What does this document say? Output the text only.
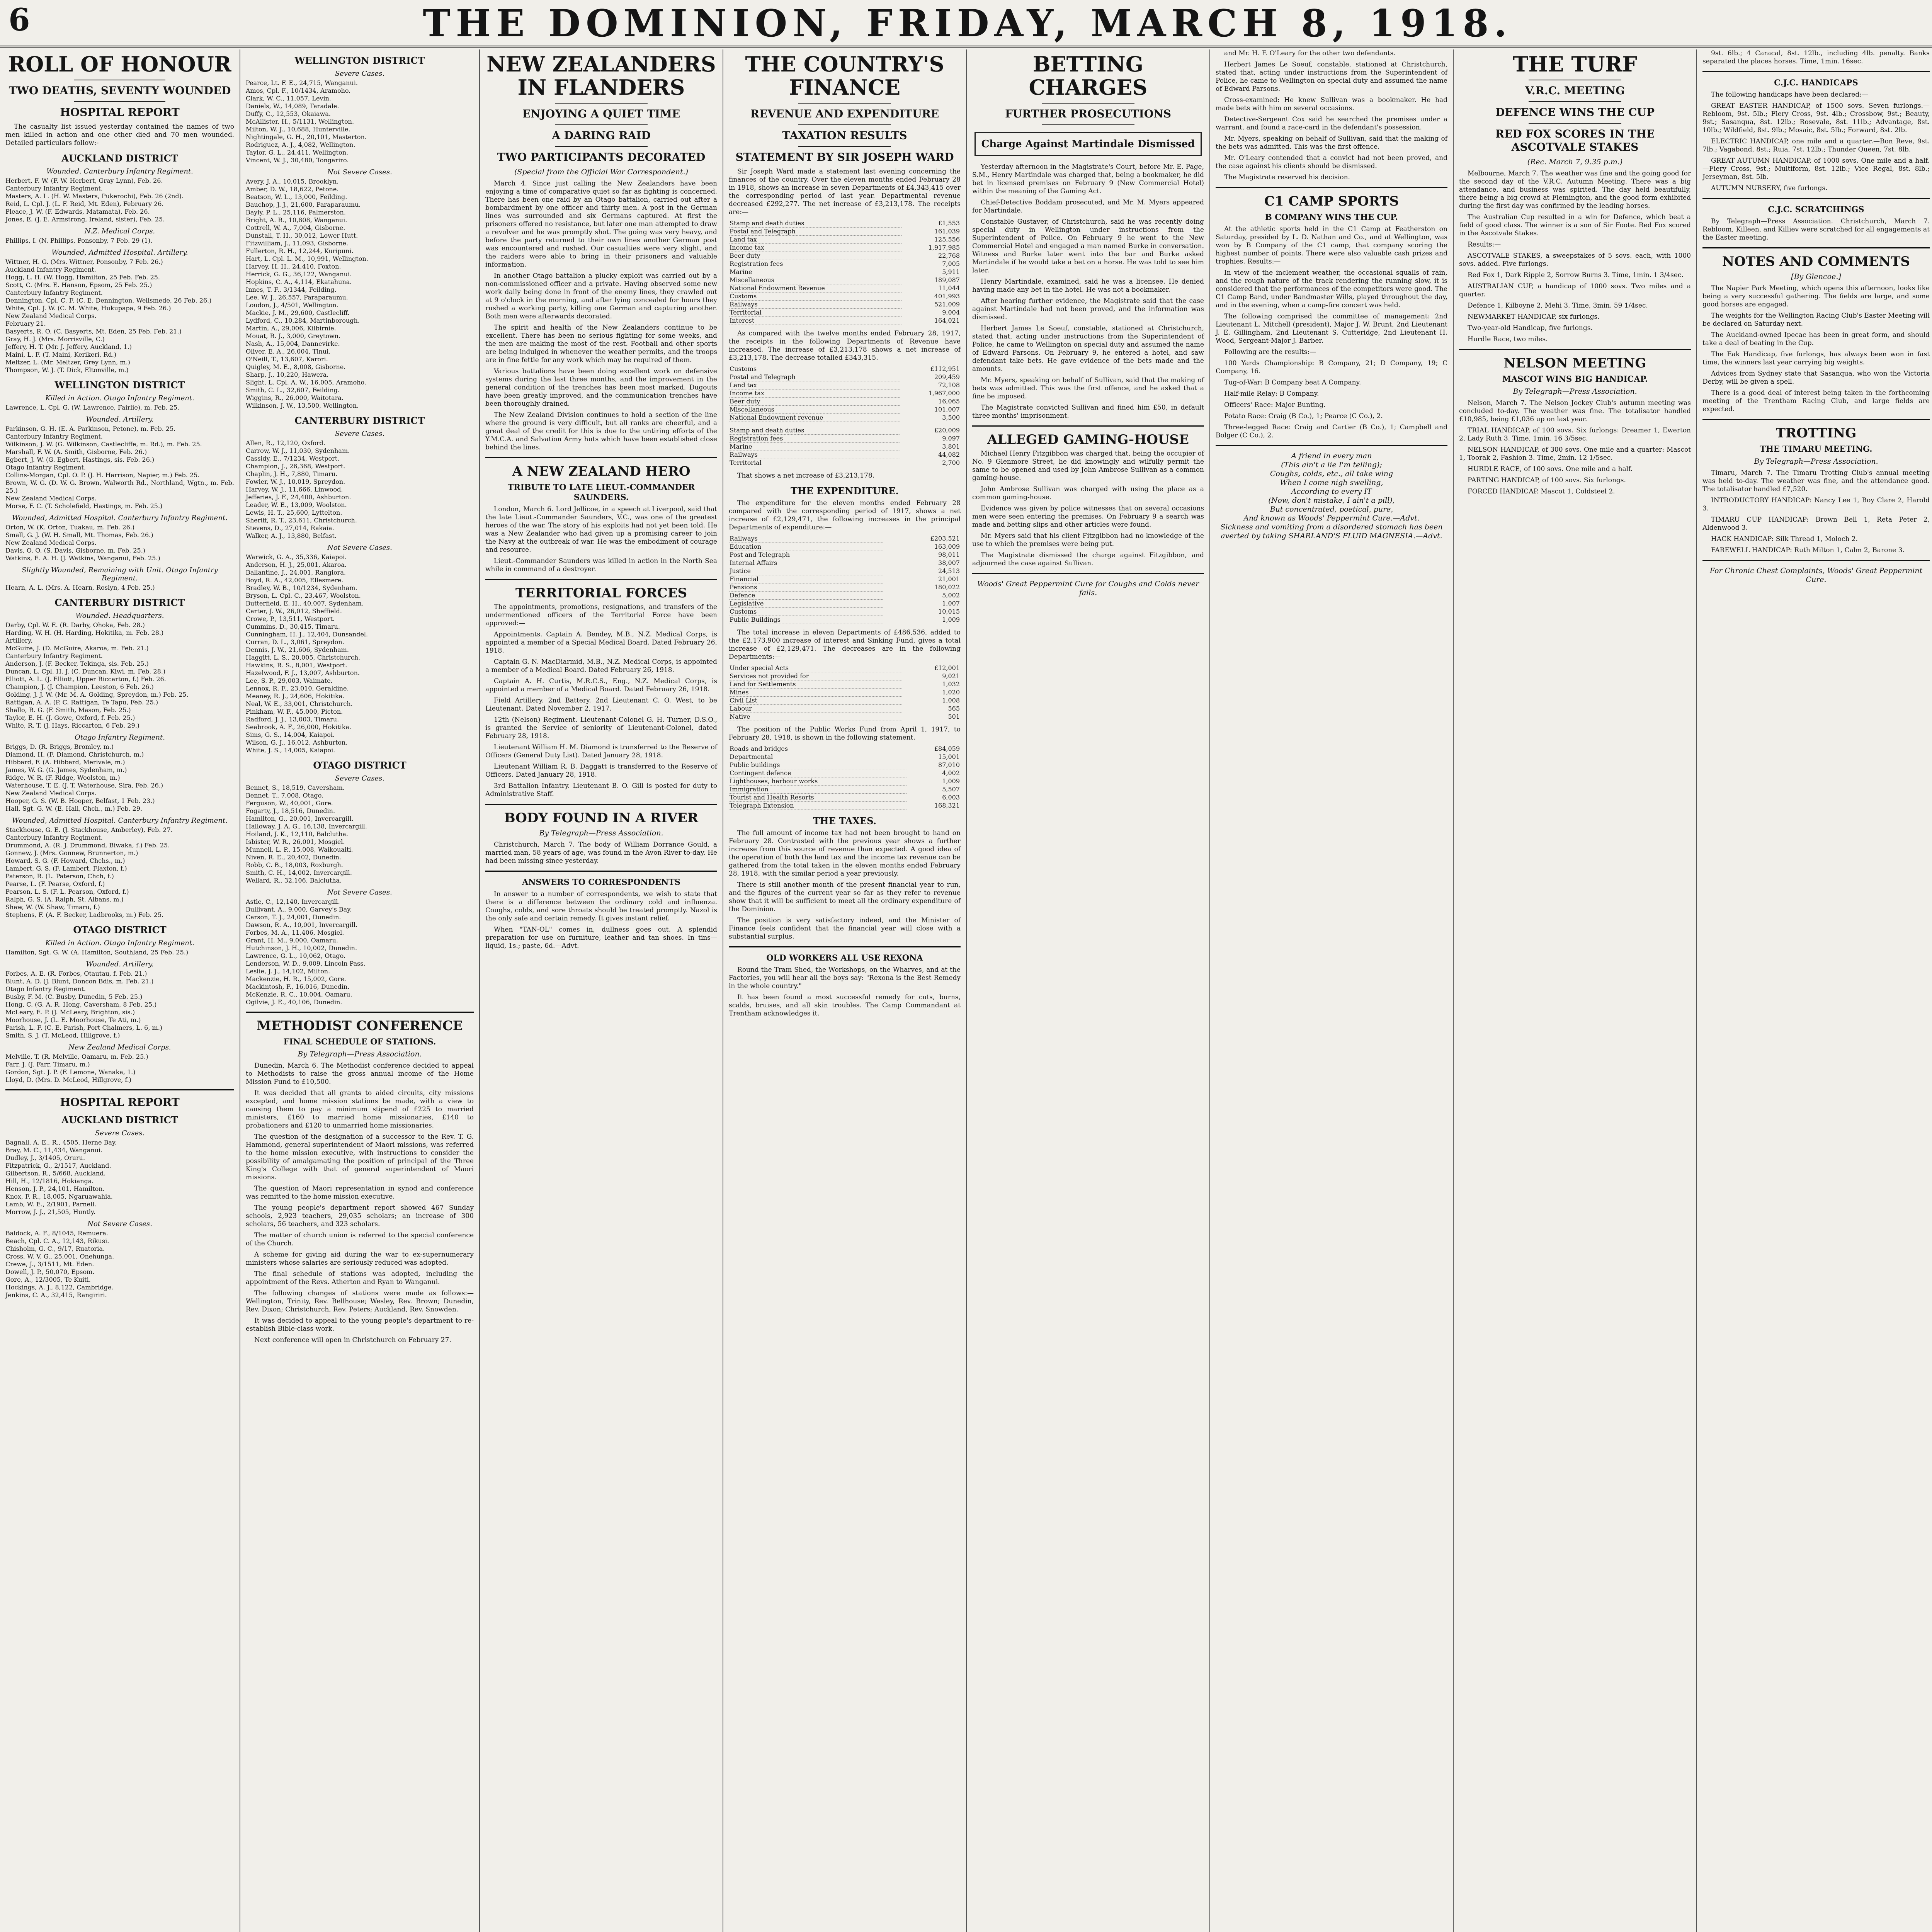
6	THE DOMINION, FRIDAY, MARCH 8, 1918.
ROLL OF HONOUR
TWO DEATHS, SEVENTY WOUNDED
HOSPITAL REPORT

The casualty list issued yesterday contained the names of two men killed in action and one other died and 70 men wounded. Detailed particulars follow:-

AUCKLAND DISTRICT
Wounded. Canterbury Infantry Regiment.
Herbert, F. W. (F. W. Herbert, Gray Lynn), Feb. 26.
Canterbury Infantry Regiment.
Masters, A. L. (H. W. Masters, Pukerochi), Feb. 26 (2nd).
Reid, L. Cpl. J. (L. F. Reid, Mt. Eden), February 26.
Pleace, J. W. (F. Edwards, Matamata), Feb. 26.
Jones, E. (J. E. Armstrong, Ireland, sister), Feb. 25.
N.Z. Medical Corps.
Phillips, I. (N. Phillips, Ponsonby, 7 Feb. 29 (1).
Wounded, Admitted Hospital. Artillery.
Wittner, H. G. (Mrs. Wittner, Ponsonby, 7 Feb. 26.)
Auckland Infantry Regiment.
Hogg, L. H. (W. Hogg, Hamilton, 25 Feb. Feb. 25.
Scott, C. (Mrs. E. Hanson, Epsom, 25 Feb. 25.)
Canterbury Infantry Regiment.
Dennington, Cpl. C. F. (C. E. Dennington, Wellsmede, 26 Feb. 26.)
White, Cpl. J. W. (C. M. White, Hukupapa, 9 Feb. 26.)
New Zealand Medical Corps.
February 21.
Basyerts, R. O. (C. Basyerts, Mt. Eden, 25 Feb. Feb. 21.)
Gray, H. J. (Mrs. Morrisville, C.)
Jeffery, H. T. (Mr. J. Jeffery, Auckland, 1.)
Maini, L. F. (T. Maini, Kerikeri, Rd.)
Meltzer, L. (Mr. Meltzer, Grey Lynn, m.)
Thompson, W. J. (T. Dick, Eltonville, m.)
WELLINGTON DISTRICT
Killed in Action. Otago Infantry Regiment.
Lawrence, L. Cpl. G. (W. Lawrence, Fairlie), m. Feb. 25.
Wounded. Artillery.
Parkinson, G. H. (E. A. Parkinson, Petone), m. Feb. 25.
Canterbury Infantry Regiment.
Wilkinson, J. W. (G. Wilkinson, Castlecliffe, m. Rd.), m. Feb. 25.
Marshall, F. W. (A. Smith, Gisborne, Feb. 26.)
Egbert, J. W. (G. Egbert, Hastings, sis. Feb. 26.)
Otago Infantry Regiment.
Collins-Morgan, Cpl. O. P. (J. H. Harrison, Napier, m.) Feb. 25.
Brown, W. G. (D. W. G. Brown, Walworth Rd., Northland, Wgtn., m. Feb. 25.)
New Zealand Medical Corps.
Morse, F. C. (T. Scholefield, Hastings, m. Feb. 25.)
Wounded, Admitted Hospital. Canterbury Infantry Regiment.
Orton, W. (K. Orton, Tuakau, m. Feb. 26.)
Small, G. J. (W. H. Small, Mt. Thomas, Feb. 26.)
New Zealand Medical Corps.
Davis, O. O. (S. Davis, Gisborne, m. Feb. 25.)
Watkins, E. A. H. (J. Watkins, Wanganui, Feb. 25.)
Slightly Wounded, Remaining with Unit. Otago Infantry Regiment.
Hearn, A. L. (Mrs. A. Hearn, Roslyn, 4 Feb. 25.)
CANTERBURY DISTRICT
Wounded. Headquarters.
Darby, Cpl. W. E. (R. Darby, Ohoka, Feb. 28.)
Harding, W. H. (H. Harding, Hokitika, m. Feb. 28.)
Artillery.
McGuire, J. (D. McGuire, Akaroa, m. Feb. 21.)
Canterbury Infantry Regiment.
Anderson, J. (F. Becker, Tekinga, sis. Feb. 25.)
Duncan, L. Cpl. H. J. (C. Duncan, Kiwi, m. Feb. 28.)
Elliott, A. L. (J. Elliott, Upper Riccarton, f.) Feb. 26.
Champion, J. (J. Champion, Leeston, 6 Feb. 26.)
Golding, J. J. W. (Mr. M. A. Golding, Spreydon, m.) Feb. 25.
Rattigan, A. A. (P. C. Rattigan, Te Tapu, Feb. 25.)
Shallo, R. G. (F. Smith, Mason, Feb. 25.)
Taylor, E. H. (J. Gowe, Oxford, f. Feb. 25.)
White, R. T. (J. Hays, Riccarton, 6 Feb. 29.)
Otago Infantry Regiment.
Briggs, D. (R. Briggs, Bromley, m.)
Diamond, H. (F. Diamond, Christchurch, m.)
Hibbard, F. (A. Hibbard, Merivale, m.)
James, W. G. (G. James, Sydenham, m.)
Ridge, W. R. (F. Ridge, Woolston, m.)
Waterhouse, T. E. (J. T. Waterhouse, Sira, Feb. 26.)
New Zealand Medical Corps.
Hooper, G. S. (W. B. Hooper, Belfast, 1 Feb. 23.)
Hall, Sgt. G. W. (E. Hall, Chch., m.) Feb. 29.
Wounded, Admitted Hospital. Canterbury Infantry Regiment.
Stackhouse, G. E. (J. Stackhouse, Amberley), Feb. 27.
Canterbury Infantry Regiment.
Drummond, A. (R. J. Drummond, Biwaka, f.) Feb. 25.
Gonnew, J. (Mrs. Gonnew, Brunnerton, m.)
Howard, S. G. (F. Howard, Chchs., m.)
Lambert, G. S. (F. Lambert, Flaxton, f.)
Paterson, R. (L. Paterson, Chch, f.)
Pearse, L. (F. Pearse, Oxford, f.)
Pearson, L. S. (F. L. Pearson, Oxford, f.)
Ralph, G. S. (A. Ralph, St. Albans, m.)
Shaw, W. (W. Shaw, Timaru, f.)
Stephens, F. (A. F. Becker, Ladbrooks, m.) Feb. 25.
OTAGO DISTRICT
Killed in Action. Otago Infantry Regiment.
Hamilton, Sgt. G. W. (A. Hamilton, Southland, 25 Feb. 25.)
Wounded. Artillery.
Forbes, A. E. (R. Forbes, Otautau, f. Feb. 21.)
Blunt, A. D. (J. Blunt, Doncon Bdis, m. Feb. 21.)
Otago Infantry Regiment.
Busby, F. M. (C. Busby, Dunedin, 5 Feb. 25.)
Hong, C. (G. A. R. Hong, Caversham, 8 Feb. 25.)
McLeary, E. P. (J. McLeary, Brighton, sis.)
Moorhouse, J. (L. E. Moorhouse, Te Ati, m.)
Parish, L. F. (C. E. Parish, Port Chalmers, L. 6, m.)
Smith, S. J. (T. McLeod, Hillgrove, f.)
New Zealand Medical Corps.
Melville, T. (R. Melville, Oamaru, m. Feb. 25.)
Farr, J. (J. Farr, Timaru, m.)
Gordon, Sgt. J. P. (F. Lemone, Wanaka, 1.)
Lloyd, D. (Mrs. D. McLeod, Hillgrove, f.)
HOSPITAL REPORT
AUCKLAND DISTRICT
Severe Cases.
Bagnall, A. E., R., 4505, Herne Bay.
Bray, M. C., 11,434, Wanganui.
Dudley, J., 3/1405, Oruru.
Fitzpatrick, G., 2/1517, Auckland.
Gilbertson, R., 5/668, Auckland.
Hill, H., 12/1816, Hokianga.
Henson, J. P., 24,101, Hamilton.
Knox, F. R., 18,005, Ngaruawahia.
Lamb, W. E., 2/1901, Parnell.
Morrow, J. J., 21,505, Huntly.
Not Severe Cases.
Baldock, A. F., 8/1045, Remuera.
Beach, Cpl. C. A., 12,143, Rikusi.
Chisholm, G. C., 9/17, Ruatoria.
Cross, W. V. G., 25,001, Onehunga.
Crewe, J., 3/1511, Mt. Eden.
Dowell, J. P., 50,070, Epsom.
Gore, A., 12/3005, Te Kuiti.
Hockings, A. J., 8,122, Cambridge.
Jenkins, C. A., 32,415, Rangiriri.
WELLINGTON DISTRICT
Severe Cases.
Pearce, Lt. F. E., 24,715, Wanganui.
Amos, Cpl. F., 10/1434, Aramoho.
Clark, W. C., 11,057, Levin.
Daniels, W., 14,089, Taradale.
Duffy, C., 12,553, Okaiawa.
McAllister, H., 5/1131, Wellington.
Milton, W. J., 10,688, Hunterville.
Nightingale, G. H., 20,101, Masterton.
Rodriguez, A. J., 4,082, Wellington.
Taylor, G. L., 24,411, Wellington.
Vincent, W. J., 30,480, Tongariro.
Not Severe Cases.
Avery, J. A., 10,015, Brooklyn.
Amber, D. W., 18,622, Petone.
Beatson, W. L., 13,000, Feilding.
Bauchop, J. J., 21,600, Paraparaumu.
Bayly, P. L., 25,116, Palmerston.
Bright, A. R., 10,808, Wanganui.
Cottrell, W. A., 7,004, Gisborne.
Dunstall, T. H., 30,012, Lower Hutt.
Fitzwilliam, J., 11,093, Gisborne.
Fullerton, R. H., 12,244, Kuripuni.
Hart, L. Cpl. L. M., 10,991, Wellington.
Harvey, H. H., 24,410, Foxton.
Herrick, G. G., 36,122, Wanganui.
Hopkins, C. A., 4,114, Ekatahuna.
Innes, T. F., 3/1344, Feilding.
Lee, W. J., 26,557, Paraparaumu.
Loudon, J., 4/501, Wellington.
Mackie, J. M., 29,600, Castlecliff.
Lydford, C., 10,284, Martinborough.
Martin, A., 29,006, Kilbirnie.
Mouat, R. J., 3,000, Greytown.
Nash, A., 15,004, Dannevirke.
Oliver, E. A., 26,004, Tinui.
O'Neill, T., 13,607, Karori.
Quigley, M. E., 8,008, Gisborne.
Sharp, J., 10,220, Hawera.
Slight, L. Cpl. A. W., 16,005, Aramoho.
Smith, C. L., 32,607, Feilding.
Wiggins, R., 26,000, Waitotara.
Wilkinson, J. W., 13,500, Wellington.
CANTERBURY DISTRICT
Severe Cases.
Allen, R., 12,120, Oxford.
Carrow, W. J., 11,030, Sydenham.
Cassidy, E., 7/1234, Westport.
Champion, J., 26,368, Westport.
Chaplin, J. H., 7,880, Timaru.
Fowler, W. J., 10,019, Spreydon.
Harvey, W. J., 11,666, Linwood.
Jefferies, J. F., 24,400, Ashburton.
Leader, W. E., 13,009, Woolston.
Lewis, H. T., 25,600, Lyttelton.
Sheriff, R. T., 23,611, Christchurch.
Stevens, D., 27,014, Rakaia.
Walker, A. J., 13,880, Belfast.
Not Severe Cases.
Warwick, G. A., 35,336, Kaiapoi.
Anderson, H. J., 25,001, Akaroa.
Ballantine, J., 24,001, Rangiora.
Boyd, R. A., 42,005, Ellesmere.
Bradley, W. B., 10/1234, Sydenham.
Bryson, L. Cpl. C., 23,467, Woolston.
Butterfield, E. H., 40,007, Sydenham.
Carter, J. W., 26,012, Sheffield.
Crowe, P., 13,511, Westport.
Cummins, D., 30,415, Timaru.
Cunningham, H. J., 12,404, Dunsandel.
Curran, D. L., 3,061, Spreydon.
Dennis, J. W., 21,606, Sydenham.
Haggitt, L. S., 20,005, Christchurch.
Hawkins, R. S., 8,001, Westport.
Hazelwood, F. J., 13,007, Ashburton.
Lee, S. P., 29,003, Waimate.
Lennox, R. F., 23,010, Geraldine.
Meaney, R. J., 24,606, Hokitika.
Neal, W. E., 33,001, Christchurch.
Pinkham, W. F., 45,000, Picton.
Radford, J. J., 13,003, Timaru.
Seabrook, A. F., 26,000, Hokitika.
Sims, G. S., 14,004, Kaiapoi.
Wilson, G. J., 16,012, Ashburton.
White, J. S., 14,005, Kaiapoi.
OTAGO DISTRICT
Severe Cases.
Bennet, S., 18,519, Caversham.
Bennet, T., 7,008, Otago.
Ferguson, W., 40,001, Gore.
Fogarty, J., 18,516, Dunedin.
Hamilton, G., 20,001, Invercargill.
Halloway, J. A. G., 16,138, Invercargill.
Hoiland, J. K., 12,110, Balclutha.
Isbister, W. R., 26,001, Mosgiel.
Munnell, L. P., 15,008, Waikouaiti.
Niven, R. E., 20,402, Dunedin.
Robb, C. B., 18,003, Roxburgh.
Smith, C. H., 14,002, Invercargill.
Wellard, R., 32,106, Balclutha.
Not Severe Cases.
Astle, C., 12,140, Invercargill.
Bullivant, A., 9,000, Garvey's Bay.
Carson, T. J., 24,001, Dunedin.
Dawson, R. A., 10,001, Invercargill.
Forbes, M. A., 11,406, Mosgiel.
Grant, H. M., 9,000, Oamaru.
Hutchinson, J. H., 10,002, Dunedin.
Lawrence, G. L., 10,062, Otago.
Lenderson, W. D., 9,009, Lincoln Pass.
Leslie, J. J., 14,102, Milton.
Mackenzie, H. R., 15,002, Gore.
Mackintosh, F., 16,016, Dunedin.
McKenzie, R. C., 10,004, Oamaru.
Ogilvie, J. E., 40,106, Dunedin.
METHODIST CONFERENCE
FINAL SCHEDULE OF STATIONS.
By Telegraph—Press Association.

Dunedin, March 6. The Methodist conference decided to appeal to Methodists to raise the gross annual income of the Home Mission Fund to £10,500.

It was decided that all grants to aided circuits, city missions excepted, and home mission stations be made, with a view to causing them to pay a minimum stipend of £225 to married ministers, £160 to married home missionaries, £140 to probationers and £120 to unmarried home missionaries.

The question of the designation of a successor to the Rev. T. G. Hammond, general superintendent of Maori missions, was referred to the home mission executive, with instructions to consider the possibility of amalgamating the position of principal of the Three King's College with that of general superintendent of Maori missions.

The question of Maori representation in synod and conference was remitted to the home mission executive.

The young people's department report showed 467 Sunday schools, 2,923 teachers, 29,035 scholars; an increase of 300 scholars, 56 teachers, and 323 scholars.

The matter of church union is referred to the special conference of the Church.

A scheme for giving aid during the war to ex-supernumerary ministers whose salaries are seriously reduced was adopted.

The final schedule of stations was adopted, including the appointment of the Revs. Atherton and Ryan to Wanganui.

The following changes of stations were made as follows:—Wellington, Trinity, Rev. Bellhouse; Wesley, Rev. Brown; Dunedin, Rev. Dixon; Christchurch, Rev. Peters; Auckland, Rev. Snowden.

It was decided to appeal to the young people's department to re-establish Bible-class work.

Next conference will open in Christchurch on February 27.

NEW ZEALANDERS IN FLANDERS
ENJOYING A QUIET TIME
A DARING RAID
TWO PARTICIPANTS DECORATED
(Special from the Official War Correspondent.)

March 4. Since just calling the New Zealanders have been enjoying a time of comparative quiet so far as fighting is concerned. There has been one raid by an Otago battalion, carried out after a bombardment by one officer and thirty men. A post in the German lines was surrounded and six Germans captured. At first the prisoners offered no resistance, but later one man attempted to draw a revolver and he was promptly shot. The going was very heavy, and before the party returned to their own lines another German post was encountered and rushed. Our casualties were very slight, and the raiders were able to bring in their prisoners and valuable information.

In another Otago battalion a plucky exploit was carried out by a non-commissioned officer and a private. Having observed some new work daily being done in front of the enemy lines, they crawled out at 9 o'clock in the morning, and after lying concealed for hours they rushed a working party, killing one German and capturing another. Both men were afterwards decorated.

The spirit and health of the New Zealanders continue to be excellent. There has been no serious fighting for some weeks, and the men are making the most of the rest. Football and other sports are being indulged in whenever the weather permits, and the troops are in fine fettle for any work which may be required of them.

Various battalions have been doing excellent work on defensive systems during the last three months, and the improvement in the general condition of the trenches has been most marked. Dugouts have been greatly improved, and the communication trenches have been thoroughly drained.

The New Zealand Division continues to hold a section of the line where the ground is very difficult, but all ranks are cheerful, and a great deal of the credit for this is due to the untiring efforts of the Y.M.C.A. and Salvation Army huts which have been established close behind the lines.

A NEW ZEALAND HERO
TRIBUTE TO LATE LIEUT.-COMMANDER SAUNDERS.

London, March 6. Lord Jellicoe, in a speech at Liverpool, said that the late Lieut.-Commander Saunders, V.C., was one of the greatest heroes of the war. The story of his exploits had not yet been told. He was a New Zealander who had given up a promising career to join the Navy at the outbreak of war. He was the embodiment of courage and resource.

Lieut.-Commander Saunders was killed in action in the North Sea while in command of a destroyer.

TERRITORIAL FORCES

The appointments, promotions, resignations, and transfers of the undermentioned officers of the Territorial Force have been approved:—

Appointments. Captain A. Bendey, M.B., N.Z. Medical Corps, is appointed a member of a Special Medical Board. Dated February 26, 1918.

Captain G. N. MacDiarmid, M.B., N.Z. Medical Corps, is appointed a member of a Medical Board. Dated February 26, 1918.

Captain A. H. Curtis, M.R.C.S., Eng., N.Z. Medical Corps, is appointed a member of a Medical Board. Dated February 26, 1918.

Field Artillery. 2nd Battery. 2nd Lieutenant C. O. West, to be Lieutenant. Dated November 2, 1917.

12th (Nelson) Regiment. Lieutenant-Colonel G. H. Turner, D.S.O., is granted the Service of seniority of Lieutenant-Colonel, dated February 28, 1918.

Lieutenant William H. M. Diamond is transferred to the Reserve of Officers (General Duty List). Dated January 28, 1918.

Lieutenant William R. B. Daggatt is transferred to the Reserve of Officers. Dated January 28, 1918.

3rd Battalion Infantry. Lieutenant B. O. Gill is posted for duty to Administrative Staff.

BODY FOUND IN A RIVER
By Telegraph—Press Association.

Christchurch, March 7. The body of William Dorrance Gould, a married man, 58 years of age, was found in the Avon River to-day. He had been missing since yesterday.

ANSWERS TO CORRESPONDENTS

In answer to a number of correspondents, we wish to state that there is a difference between the ordinary cold and influenza. Coughs, colds, and sore throats should be treated promptly. Nazol is the only safe and certain remedy. It gives instant relief.

When "TAN-OL" comes in, dullness goes out. A splendid preparation for use on furniture, leather and tan shoes. In tins—liquid, 1s.; paste, 6d.—Advt.

THE COUNTRY'S FINANCE
REVENUE AND EXPENDITURE
TAXATION RESULTS
STATEMENT BY SIR JOSEPH WARD

Sir Joseph Ward made a statement last evening concerning the finances of the country. Over the eleven months ended February 28 in 1918, shows an increase in seven Departments of £4,343,415 over the corresponding period of last year. Departmental revenue decreased £292,277. The net increase of £3,213,178. The receipts are:—

Stamp and death duties	£1,553
Postal and Telegraph	161,039
Land tax	125,556
Income tax	1,917,985
Beer duty	22,768
Registration fees	7,005
Marine	5,911
Miscellaneous	189,087
National Endowment Revenue	11,044
Customs	401,993
Railways	521,009
Territorial	9,004
Interest	164,021

As compared with the twelve months ended February 28, 1917, the receipts in the following Departments of Revenue have increased. The increase of £3,213,178 shows a net increase of £3,213,178. The decrease totalled £343,315.

Customs	£112,951
Postal and Telegraph	209,459
Land tax	72,108
Income tax	1,967,000
Beer duty	16,065
Miscellaneous	101,007
National Endowment revenue	3,500
Stamp and death duties	£20,009
Registration fees	9,097
Marine	3,801
Railways	44,082
Territorial	2,700

That shows a net increase of £3,213,178.

THE EXPENDITURE.

The expenditure for the eleven months ended February 28 compared with the corresponding period of 1917, shows a net increase of £2,129,471, the following increases in the principal Departments of expenditure:—

Railways	£203,521
Education	163,009
Post and Telegraph	98,011
Internal Affairs	38,007
Justice	24,513
Financial	21,001
Pensions	180,022
Defence	5,002
Legislative	1,007
Customs	10,015
Public Buildings	1,009

The total increase in eleven Departments of £486,536, added to the £2,173,900 increase of interest and Sinking Fund, gives a total increase of £2,129,471. The decreases are in the following Departments:—

Under special Acts	£12,001
Services not provided for	9,021
Land for Settlements	1,032
Mines	1,020
Civil List	1,008
Labour	565
Native	501

The position of the Public Works Fund from April 1, 1917, to February 28, 1918, is shown in the following statement.

Roads and bridges	£84,059
Departmental	15,001
Public buildings	87,010
Contingent defence	4,002
Lighthouses, harbour works	1,009
Immigration	5,507
Tourist and Health Resorts	6,003
Telegraph Extension	168,321
THE TAXES.

The full amount of income tax had not been brought to hand on February 28. Contrasted with the previous year shows a further increase from this source of revenue than expected. A good idea of the operation of both the land tax and the income tax revenue can be gathered from the total taken in the eleven months ended February 28, 1918, with the similar period a year previously.

There is still another month of the present financial year to run, and the figures of the current year so far as they refer to revenue show that it will be sufficient to meet all the ordinary expenditure of the Dominion.

The position is very satisfactory indeed, and the Minister of Finance feels confident that the financial year will close with a substantial surplus.

OLD WORKERS ALL USE REXONA

Round the Tram Shed, the Workshops, on the Wharves, and at the Factories, you will hear all the boys say: "Rexona is the Best Remedy in the whole country."

It has been found a most successful remedy for cuts, burns, scalds, bruises, and all skin troubles. The Camp Commandant at Trentham acknowledges it.

BETTING CHARGES
FURTHER PROSECUTIONS
Charge Against Martindale Dismissed

Yesterday afternoon in the Magistrate's Court, before Mr. E. Page, S.M., Henry Martindale was charged that, being a bookmaker, he did bet in licensed premises on February 9 (New Commercial Hotel) within the meaning of the Gaming Act.

Chief-Detective Boddam prosecuted, and Mr. M. Myers appeared for Martindale.

Constable Gustaver, of Christchurch, said he was recently doing special duty in Wellington under instructions from the Superintendent of Police. On February 9 he went to the New Commercial Hotel and engaged a man named Burke in conversation. Witness and Burke later went into the bar and Burke asked Martindale if he would take a bet on a horse. He was told to see him later.

Henry Martindale, examined, said he was a licensee. He denied having made any bet in the hotel. He was not a bookmaker.

After hearing further evidence, the Magistrate said that the case against Martindale had not been proved, and the information was dismissed.

Herbert James Le Soeuf, constable, stationed at Christchurch, stated that, acting under instructions from the Superintendent of Police, he came to Wellington on special duty and assumed the name of Edward Parsons. On February 9, he entered a hotel, and saw defendant take bets. He gave evidence of the bets made and the amounts.

Mr. Myers, speaking on behalf of Sullivan, said that the making of bets was admitted. This was the first offence, and he asked that a fine be imposed.

The Magistrate convicted Sullivan and fined him £50, in default three months' imprisonment.

ALLEGED GAMING-HOUSE

Michael Henry Fitzgibbon was charged that, being the occupier of No. 9 Glenmore Street, he did knowingly and wilfully permit the same to be opened and used by John Ambrose Sullivan as a common gaming-house.

John Ambrose Sullivan was charged with using the place as a common gaming-house.

Evidence was given by police witnesses that on several occasions men were seen entering the premises. On February 9 a search was made and betting slips and other articles were found.

Mr. Myers said that his client Fitzgibbon had no knowledge of the use to which the premises were being put.

The Magistrate dismissed the charge against Fitzgibbon, and adjourned the case against Sullivan.

Woods' Great Peppermint Cure for Coughs and Colds never fails.

and Mr. H. F. O'Leary for the other two defendants.

Herbert James Le Soeuf, constable, stationed at Christchurch, stated that, acting under instructions from the Superintendent of Police, he came to Wellington on special duty and assumed the name of Edward Parsons.

Cross-examined: He knew Sullivan was a bookmaker. He had made bets with him on several occasions.

Detective-Sergeant Cox said he searched the premises under a warrant, and found a race-card in the defendant's possession.

Mr. Myers, speaking on behalf of Sullivan, said that the making of the bets was admitted. This was the first offence.

Mr. O'Leary contended that a convict had not been proved, and the case against his clients should be dismissed.

The Magistrate reserved his decision.

C1 CAMP SPORTS
B COMPANY WINS THE CUP.

At the athletic sports held in the C1 Camp at Featherston on Saturday, presided by L. D. Nathan and Co., and at Wellington, was won by B Company of the C1 camp, that company scoring the highest number of points. There were also valuable cash prizes and trophies. Results:—

In view of the inclement weather, the occasional squalls of rain, and the rough nature of the track rendering the running slow, it is considered that the performances of the competitors were good. The C1 Camp Band, under Bandmaster Wills, played throughout the day, and in the evening, when a camp-fire concert was held.

The following comprised the committee of management: 2nd Lieutenant L. Mitchell (president), Major J. W. Brunt, 2nd Lieutenant J. E. Gillingham, 2nd Lieutenant S. Cutteridge, 2nd Lieutenant H. Wood, Sergeant-Major J. Barber.

Following are the results:—

100 Yards Championship: B Company, 21; D Company, 19; C Company, 16.

Tug-of-War: B Company beat A Company.

Half-mile Relay: B Company.

Officers' Race: Major Bunting.

Potato Race: Craig (B Co.), 1; Pearce (C Co.), 2.

Three-legged Race: Craig and Cartier (B Co.), 1; Campbell and Bolger (C Co.), 2.

A friend in every man
(This ain't a lie I'm telling);
Coughs, colds, etc., all take wing
When I come nigh swelling,
According to every IT
(Now, don't mistake, I ain't a pill),
But concentrated, poetical, pure,
And known as Woods' Peppermint Cure.—Advt.
Sickness and vomiting from a disordered stomach has been averted by taking SHARLAND'S FLUID MAGNESIA.—Advt.
THE TURF
V.R.C. MEETING
DEFENCE WINS THE CUP
RED FOX SCORES IN THE ASCOTVALE STAKES
(Rec. March 7, 9.35 p.m.)

Melbourne, March 7. The weather was fine and the going good for the second day of the V.R.C. Autumn Meeting. There was a big attendance, and business was spirited. The day held beautifully, there being a big crowd at Flemington, and the good form exhibited during the first day was confirmed by the leading horses.

The Australian Cup resulted in a win for Defence, which beat a field of good class. The winner is a son of Sir Foote. Red Fox scored in the Ascotvale Stakes.

Results:—

ASCOTVALE STAKES, a sweepstakes of 5 sovs. each, with 1000 sovs. added. Five furlongs.

Red Fox 1, Dark Ripple 2, Sorrow Burns 3. Time, 1min. 1 3/4sec.

AUSTRALIAN CUP, a handicap of 1000 sovs. Two miles and a quarter.

Defence 1, Kilboyne 2, Mehi 3. Time, 3min. 59 1/4sec.

NEWMARKET HANDICAP, six furlongs.

Two-year-old Handicap, five furlongs.

Hurdle Race, two miles.

NELSON MEETING
MASCOT WINS BIG HANDICAP.
By Telegraph—Press Association.

Nelson, March 7. The Nelson Jockey Club's autumn meeting was concluded to-day. The weather was fine. The totalisator handled £10,985, being £1,036 up on last year.

TRIAL HANDICAP, of 100 sovs. Six furlongs: Dreamer 1, Ewerton 2, Lady Ruth 3. Time, 1min. 16 3/5sec.

NELSON HANDICAP, of 300 sovs. One mile and a quarter: Mascot 1, Toorak 2, Fashion 3. Time, 2min. 12 1/5sec.

HURDLE RACE, of 100 sovs. One mile and a half.

PARTING HANDICAP, of 100 sovs. Six furlongs.

FORCED HANDICAP. Mascot 1, Coldsteel 2.

9st. 6lb.; 4 Caracal, 8st. 12lb., including 4lb. penalty. Banks separated the places horses. Time, 1min. 16sec.

C.J.C. HANDICAPS

The following handicaps have been declared:—

GREAT EASTER HANDICAP, of 1500 sovs. Seven furlongs.—Rebloom, 9st. 5lb.; Fiery Cross, 9st. 4lb.; Crossbow, 9st.; Beauty, 9st.; Sasanqua, 8st. 12lb.; Rosevale, 8st. 11lb.; Advantage, 8st. 10lb.; Wildfield, 8st. 9lb.; Mosaic, 8st. 5lb.; Forward, 8st. 2lb.

ELECTRIC HANDICAP, one mile and a quarter.—Bon Reve, 9st. 7lb.; Vagabond, 8st.; Ruia, 7st. 12lb.; Thunder Queen, 7st. 8lb.

GREAT AUTUMN HANDICAP, of 1000 sovs. One mile and a half.—Fiery Cross, 9st.; Multiform, 8st. 12lb.; Vice Regal, 8st. 8lb.; Jerseyman, 8st. 5lb.

AUTUMN NURSERY, five furlongs.

C.J.C. SCRATCHINGS

By Telegraph—Press Association. Christchurch, March 7. Rebloom, Killeen, and Killiev were scratched for all engagements at the Easter meeting.

NOTES AND COMMENTS
[By Glencoe.]

The Napier Park Meeting, which opens this afternoon, looks like being a very successful gathering. The fields are large, and some good horses are engaged.

The weights for the Wellington Racing Club's Easter Meeting will be declared on Saturday next.

The Auckland-owned Ipecac has been in great form, and should take a deal of beating in the Cup.

The Eak Handicap, five furlongs, has always been won in fast time, the winners last year carrying big weights.

Advices from Sydney state that Sasanqua, who won the Victoria Derby, will be given a spell.

There is a good deal of interest being taken in the forthcoming meeting of the Trentham Racing Club, and large fields are expected.

TROTTING
THE TIMARU MEETING.
By Telegraph—Press Association.

Timaru, March 7. The Timaru Trotting Club's annual meeting was held to-day. The weather was fine, and the attendance good. The totalisator handled £7,520.

INTRODUCTORY HANDICAP: Nancy Lee 1, Boy Clare 2, Harold 3.

TIMARU CUP HANDICAP: Brown Bell 1, Reta Peter 2, Aldenwood 3.

HACK HANDICAP: Silk Thread 1, Moloch 2.

FAREWELL HANDICAP: Ruth Milton 1, Calm 2, Barone 3.

For Chronic Chest Complaints, Woods' Great Peppermint Cure.
